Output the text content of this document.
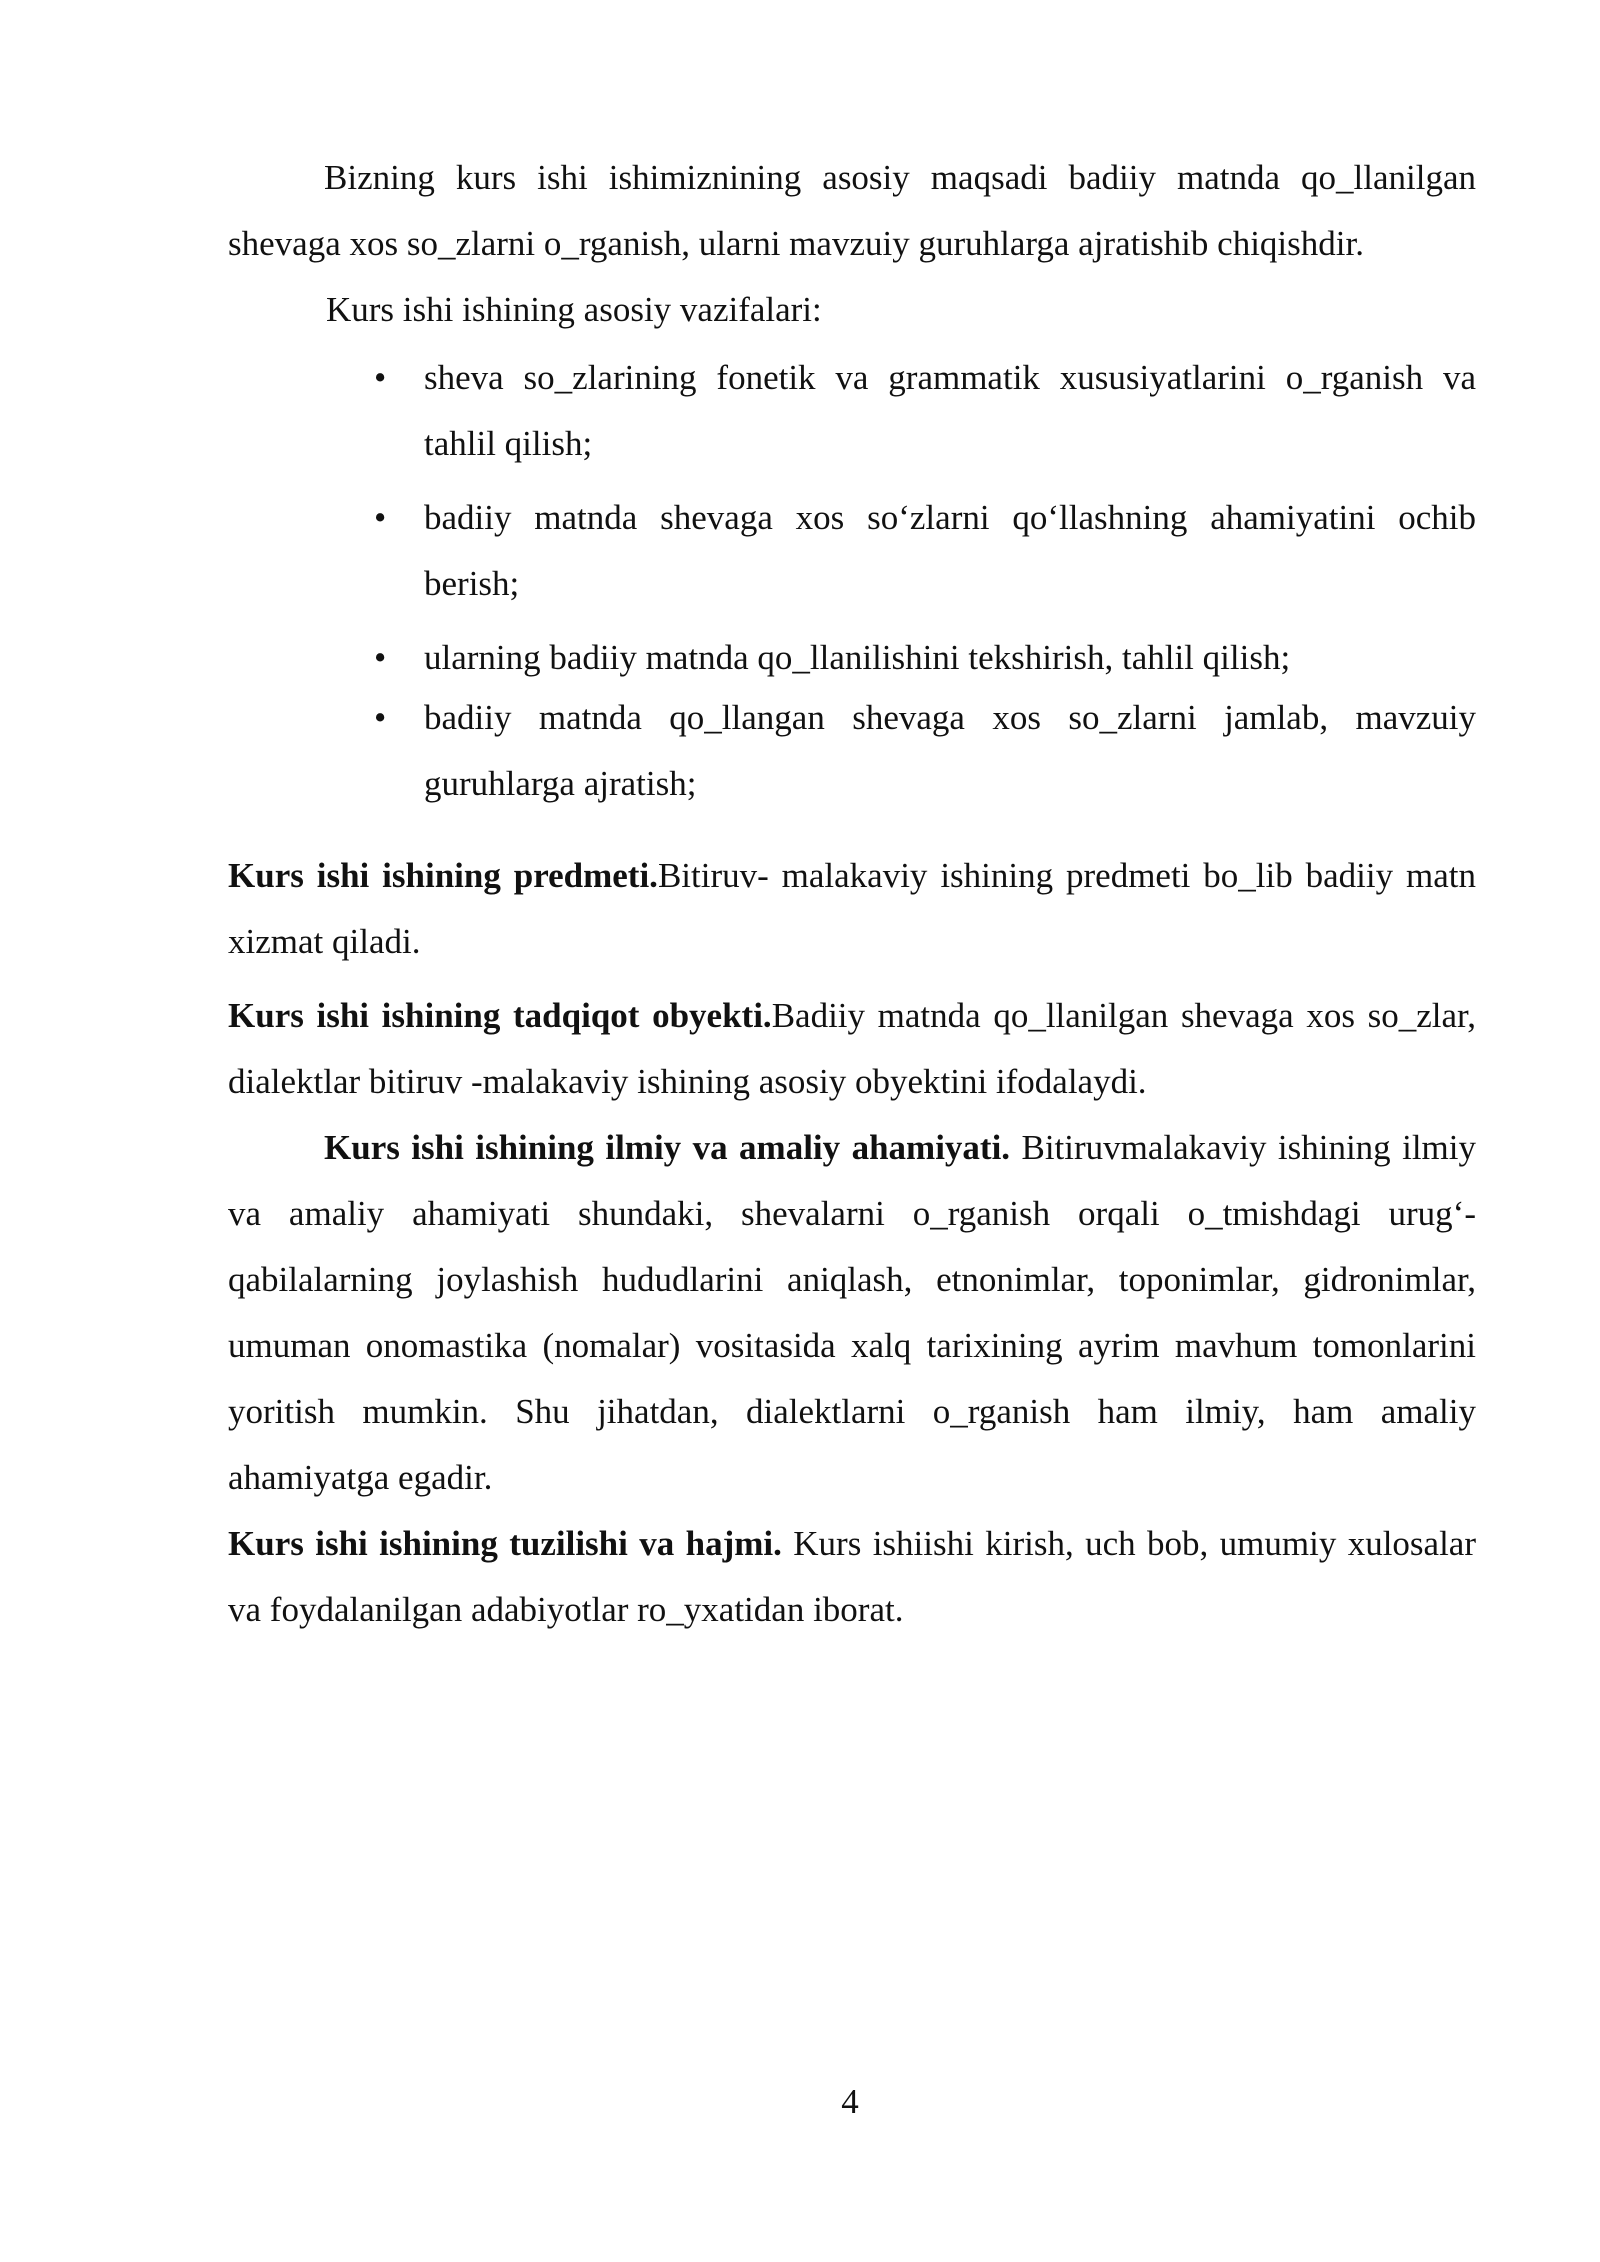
Bizning kurs ishi ishimiznining asosiy maqsadi badiiy matnda qo_llanilgan shevaga xos so_zlarni o_rganish, ularni mavzuiy guruhlarga ajratishib chiqishdir.

Kurs ishi ishining asosiy vazifalari:

• sheva so_zlarining fonetik va grammatik xususiyatlarini o_rganish va tahlil qilish;
• badiiy matnda shevaga xos so‘zlarni qo‘llashning ahamiyatini ochib berish;
• ularning badiiy matnda qo_llanilishini tekshirish, tahlil qilish;
• badiiy matnda qo_llangan shevaga xos so_zlarni jamlab, mavzuiy guruhlarga ajratish;

Kurs ishi ishining predmeti.Bitiruv- malakaviy ishining predmeti bo_lib badiiy matn xizmat qiladi.

Kurs ishi ishining tadqiqot obyekti.Badiiy matnda qo_llanilgan shevaga xos so_zlar, dialektlar bitiruv -malakaviy ishining asosiy obyektini ifodalaydi.

Kurs ishi ishining ilmiy va amaliy ahamiyati. Bitiruvmalakaviy ishining ilmiy va amaliy ahamiyati shundaki, shevalarni o_rganish orqali o_tmishdagi urug‘-qabilalarning joylashish hududlarini aniqlash, etnonimlar, toponimlar, gidronimlar, umuman onomastika (nomalar) vositasida xalq tarixining ayrim mavhum tomonlarini yoritish mumkin. Shu jihatdan, dialektlarni o_rganish ham ilmiy, ham amaliy ahamiyatga egadir.

Kurs ishi ishining tuzilishi va hajmi. Kurs ishiishi kirish, uch bob, umumiy xulosalar va foydalanilgan adabiyotlar ro_yxatidan iborat.

4
